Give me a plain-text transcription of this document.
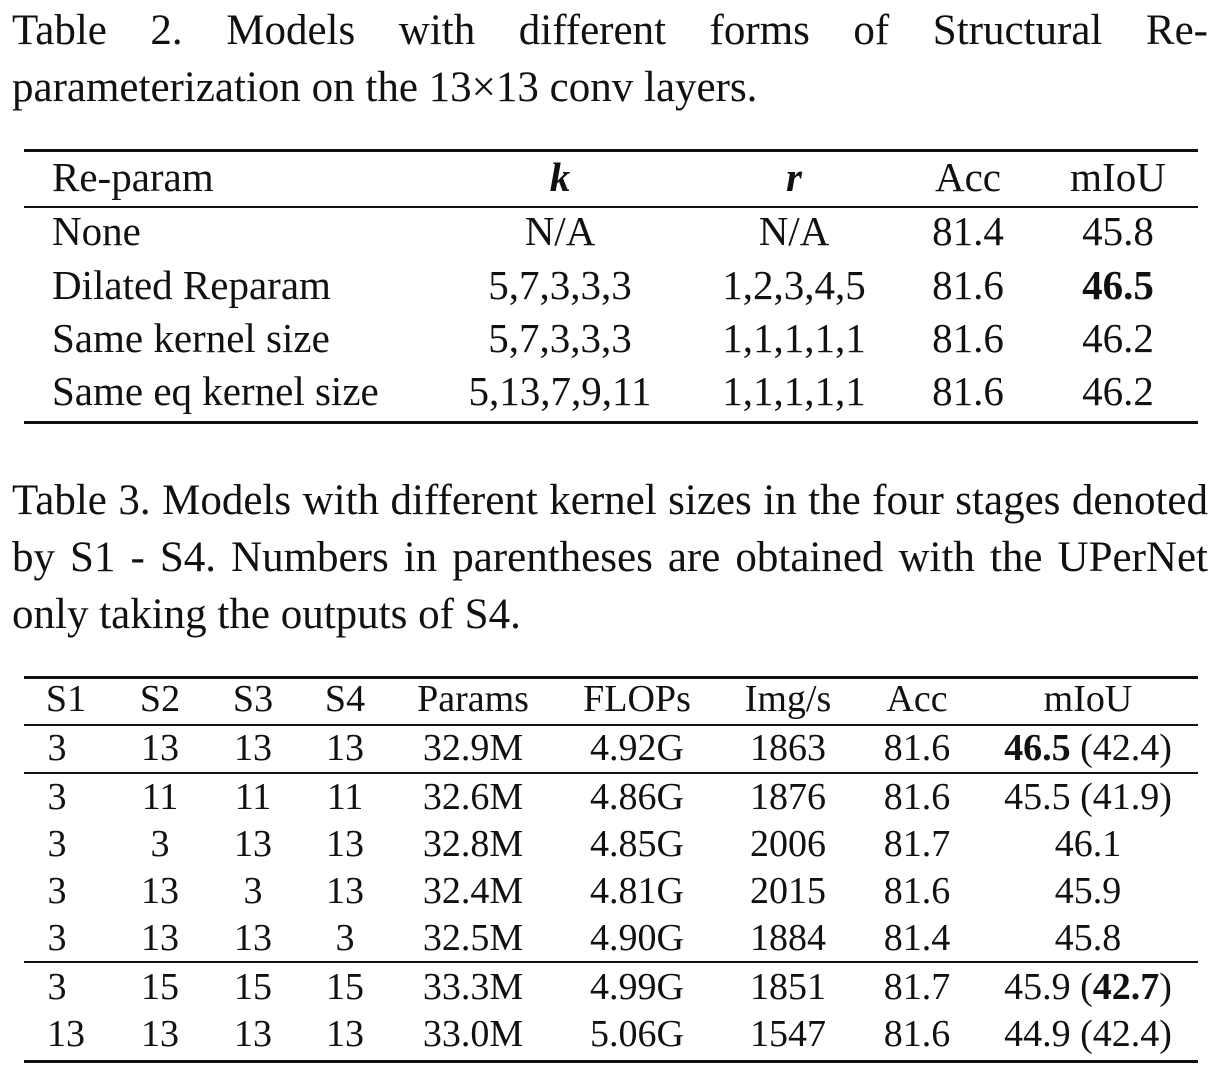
Table 2. Models with different forms of Structural Re-parameterization on the 13×13 conv layers.

Re-param	k	r	Acc mIoU
None	N/A	N/A	81.4 45.8
Dilated Reparam	5,7,3,3,3 1,2,3,4,5 81.6 46.5
Same kernel size	5,7,3,3,3 1,1,1,1,1 81.6 46.2
Same eq kernel size 5,13,7,9,11 1,1,1,1,1 81.6 46.2

Table 3. Models with different kernel sizes in the four stages denoted by S1 - S4. Numbers in parentheses are obtained with the UPerNet only taking the outputs of S4.

S1 S2 S3 S4 Params FLOPs Img/s Acc	mIoU
3 13 13 13 32.9M 4.92G 1863 81.6 46.5 (42.4)
3 11 11 11 32.6M 4.86G 1876 81.6 45.5 (41.9)
3 3 13 13 32.8M 4.85G 2006 81.7	46.1
3 13 3 13 32.4M 4.81G 2015 81.6	45.9
3 13 13 3 32.5M 4.90G 1884 81.4	45.8
3 15 15 15 33.3M 4.99G 1851 81.7 45.9 (42.7)
13 13 13 13 33.0M 5.06G 1547 81.6 44.9 (42.4)
